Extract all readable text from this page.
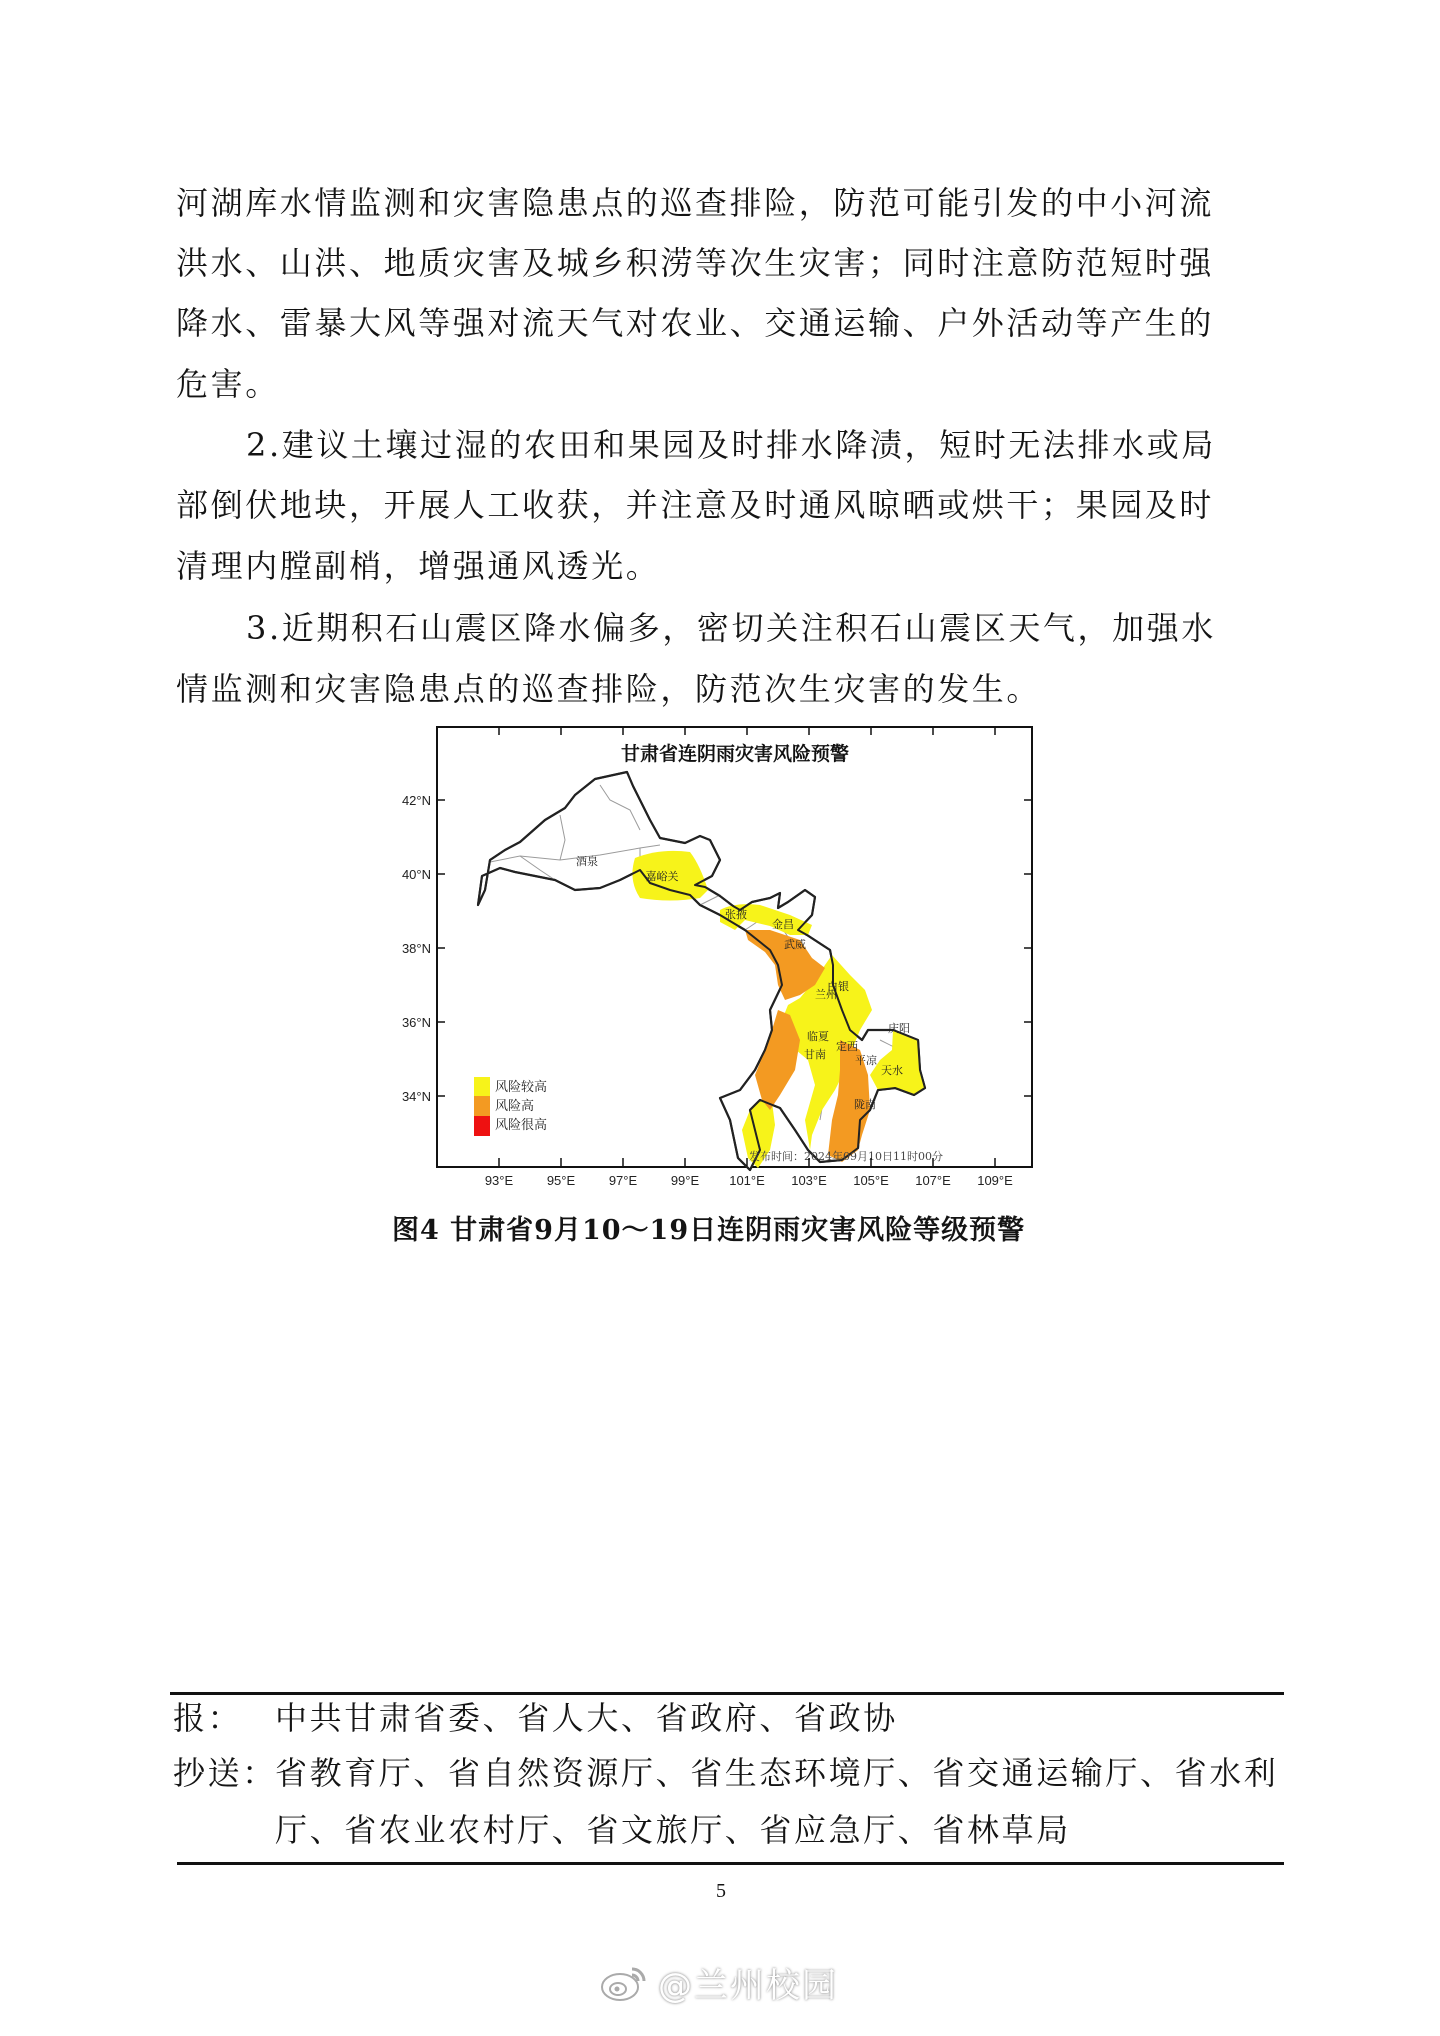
河湖库水情监测和灾害隐患点的巡查排险，防范可能引发的中小河流
洪水、山洪、地质灾害及城乡积涝等次生灾害；同时注意防范短时强
降水、雷暴大风等强对流天气对农业、交通运输、户外活动等产生的
危害。
2.建议土壤过湿的农田和果园及时排水降渍，短时无法排水或局
部倒伏地块，开展人工收获，并注意及时通风晾晒或烘干；果园及时
清理内膛副梢，增强通风透光。
3.近期积石山震区降水偏多，密切关注积石山震区天气，加强水
情监测和灾害隐患点的巡查排险，防范次生灾害的发生。
甘肃省连阴雨灾害风险预警
酒泉
嘉峪关
张掖
金昌
武威
兰州
白银
临夏
甘南
定西
天水
平凉
庆阳
陇南
风险较高
风险高
风险很高
发布时间：2024年09月10日11时00分
42°N
40°N
38°N
36°N
34°N
93°E	95°E	97°E	99°E 101°E 103°E 105°E 107°E 109°E
图4 甘肃省9月10～19日连阴雨灾害风险等级预警
报： 中共甘肃省委、省人大、省政府、省政协
抄送：
省教育厅、省自然资源厅、省生态环境厅、省交通运输厅、省水利
厅、省农业农村厅、省文旅厅、省应急厅、省林草局
5
@兰州校园
